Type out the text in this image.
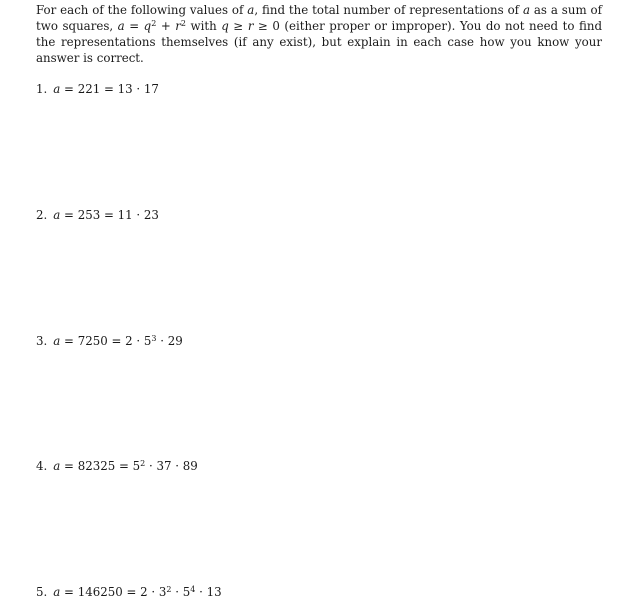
For each of the following values of a, find the total number of representations of a as a sum of two squares, $a = q^2 + r^2$ with q ≥ r ≥ 0 (either proper or improper). You do not need to find the representations themselves (if any exist), but explain in each case how you know your answer is correct.

1. a = 221 = 13 · 17
2. a = 253 = 11 · 23
3. $a = 7250 = 2 \cdot 5^3 \cdot 29$
4. $a = 82325 = 5^2 \cdot 37 \cdot 89$
5. $a = 146250 = 2 \cdot 3^2 \cdot 5^4 \cdot 13$
